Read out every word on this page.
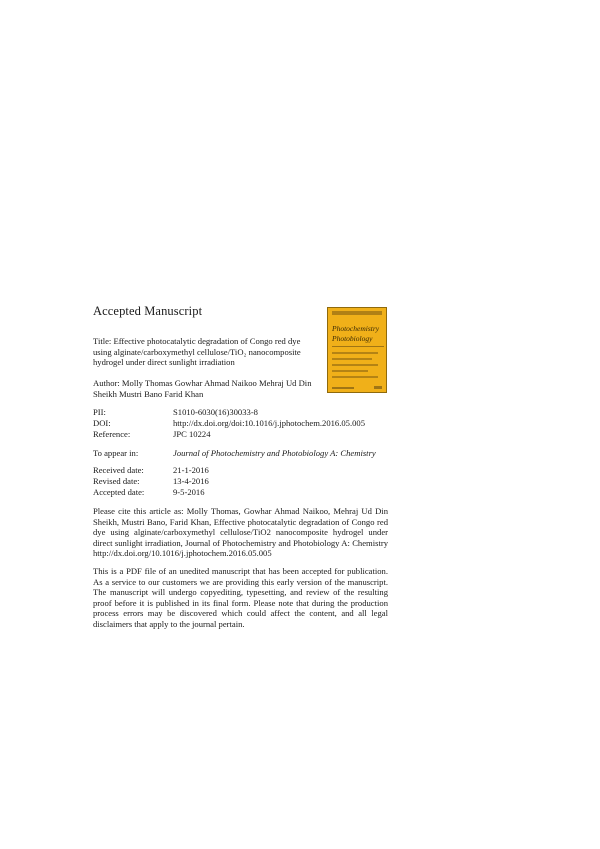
Accepted Manuscript
Photochemistry
Photobiology
Title: Effective photocatalytic degradation of Congo red dye using alginate/carboxymethyl cellulose/TiO₂ nanocomposite hydrogel under direct sunlight irradiation
Author: Molly Thomas Gowhar Ahmad Naikoo Mehraj Ud Din Sheikh Mustri Bano Farid Khan
PII:	S1010-6030(16)30033-8
DOI:	http://dx.doi.org/doi:10.1016/j.jphotochem.2016.05.005
Reference:	JPC 10224
To appear in:	Journal of Photochemistry and Photobiology A: Chemistry
Received date:	21-1-2016
Revised date:	13-4-2016
Accepted date:	9-5-2016
Please cite this article as: Molly Thomas, Gowhar Ahmad Naikoo, Mehraj Ud Din Sheikh, Mustri Bano, Farid Khan, Effective photocatalytic degradation of Congo red dye using alginate/carboxymethyl cellulose/TiO2 nanocomposite hydrogel under direct sunlight irradiation, Journal of Photochemistry and Photobiology A: Chemistry http://dx.doi.org/10.1016/j.jphotochem.2016.05.005
This is a PDF file of an unedited manuscript that has been accepted for publication. As a service to our customers we are providing this early version of the manuscript. The manuscript will undergo copyediting, typesetting, and review of the resulting proof before it is published in its final form. Please note that during the production process errors may be discovered which could affect the content, and all legal disclaimers that apply to the journal pertain.
